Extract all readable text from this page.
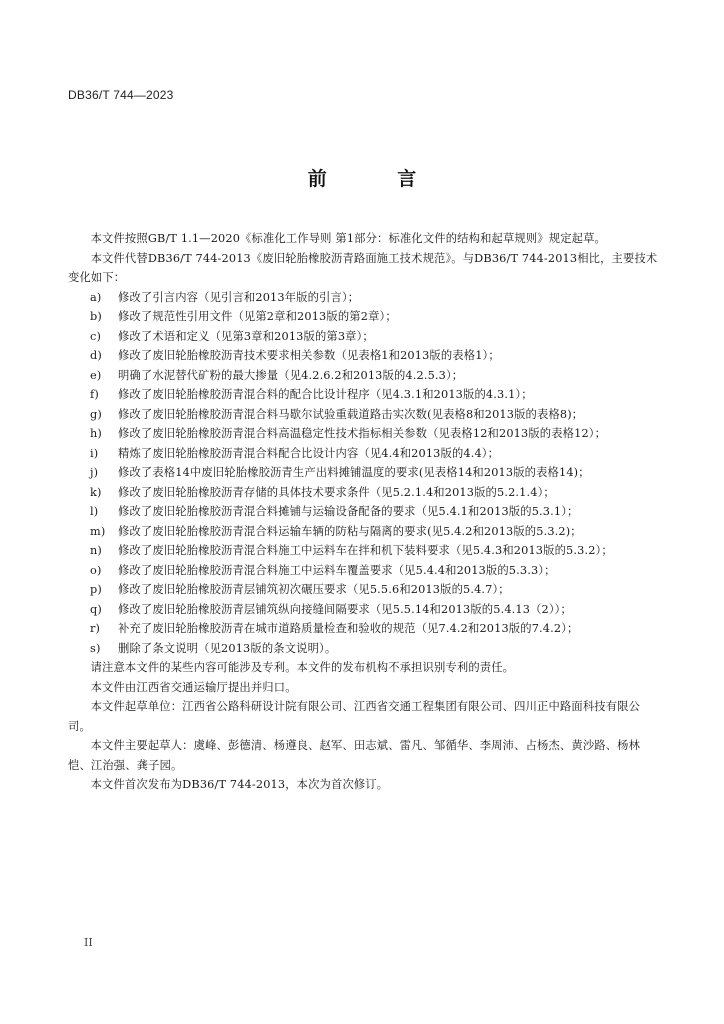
DB36/T 744—2023
前 言

本文件按照GB/T 1.1—2020《标准化工作导则 第1部分：标准化文件的结构和起草规则》规定起草。

本文件代替DB36/T 744-2013《废旧轮胎橡胶沥青路面施工技术规范》。与DB36/T 744-2013相比，主要技术变化如下：

a) 修改了引言内容（见引言和2013年版的引言）；

b) 修改了规范性引用文件（见第2章和2013版的第2章）；

c) 修改了术语和定义（见第3章和2013版的第3章）；

d) 修改了废旧轮胎橡胶沥青技术要求相关参数（见表格1和2013版的表格1）；

e) 明确了水泥替代矿粉的最大掺量（见4.2.6.2和2013版的4.2.5.3）；

f) 修改了废旧轮胎橡胶沥青混合料的配合比设计程序（见4.3.1和2013版的4.3.1）；

g) 修改了废旧轮胎橡胶沥青混合料马歇尔试验重载道路击实次数(见表格8和2013版的表格8)；

h) 修改了废旧轮胎橡胶沥青混合料高温稳定性技术指标相关参数（见表格12和2013版的表格12）；

i) 精炼了废旧轮胎橡胶沥青混合料配合比设计内容（见4.4和2013版的4.4）；

j) 修改了表格14中废旧轮胎橡胶沥青生产出料摊铺温度的要求(见表格14和2013版的表格14)；

k) 修改了废旧轮胎橡胶沥青存储的具体技术要求条件（见5.2.1.4和2013版的5.2.1.4）；

l) 修改了废旧轮胎橡胶沥青混合料摊铺与运输设备配备的要求（见5.4.1和2013版的5.3.1）；

m) 修改了废旧轮胎橡胶沥青混合料运输车辆的防粘与隔离的要求(见5.4.2和2013版的5.3.2)；

n) 修改了废旧轮胎橡胶沥青混合料施工中运料车在拌和机下装料要求（见5.4.3和2013版的5.3.2）；

o) 修改了废旧轮胎橡胶沥青混合料施工中运料车覆盖要求（见5.4.4和2013版的5.3.3）；

p) 修改了废旧轮胎橡胶沥青层铺筑初次碾压要求（见5.5.6和2013版的5.4.7）；

q) 修改了废旧轮胎橡胶沥青层铺筑纵向接缝间隔要求（见5.5.14和2013版的5.4.13（2））；

r) 补充了废旧轮胎橡胶沥青在城市道路质量检查和验收的规范（见7.4.2和2013版的7.4.2）；

s) 删除了条文说明（见2013版的条文说明）。

请注意本文件的某些内容可能涉及专利。本文件的发布机构不承担识别专利的责任。

本文件由江西省交通运输厅提出并归口。

本文件起草单位：江西省公路科研设计院有限公司、江西省交通工程集团有限公司、四川正中路面科技有限公司。

本文件主要起草人：虞峰、彭德清、杨遵良、赵军、田志斌、雷凡、邹循华、李周沛、占杨杰、黄沙路、杨林恺、江治强、龚子园。

本文件首次发布为DB36/T 744-2013，本次为首次修订。

II
